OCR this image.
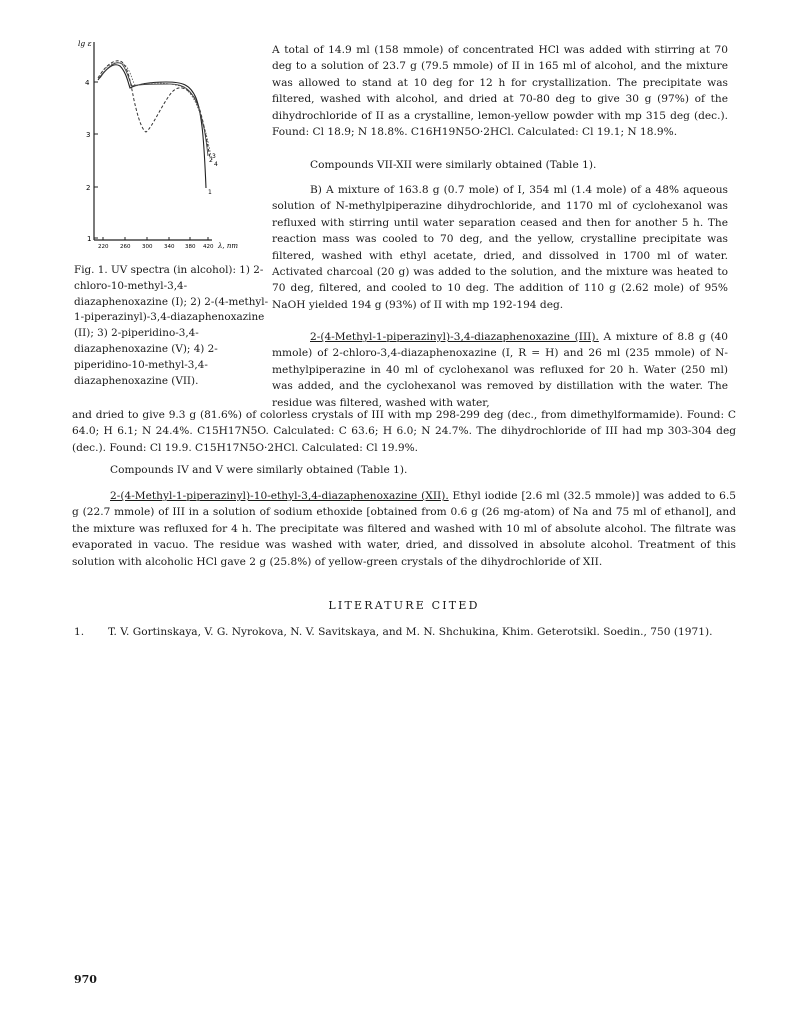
4
3
2
1
lg ε
220 260 300 340 380 420 λ, nm
1
2
3
4
Fig. 1. UV spectra (in alcohol): 1) 2-chloro-10-methyl-3,4-diazaphenoxazine (I); 2) 2-(4-methyl-1-piperazinyl)-3,4-diazaphenoxazine (II); 3) 2-piperidino-3,4-diazaphenoxazine (V); 4) 2-piperidino-10-methyl-3,4-diazaphenoxazine (VII).

A total of 14.9 ml (158 mmole) of concentrated HCl was added with stirring at 70 deg to a solution of 23.7 g (79.5 mmole) of II in 165 ml of alcohol, and the mixture was allowed to stand at 10 deg for 12 h for crystallization. The precipitate was filtered, washed with alcohol, and dried at 70-80 deg to give 30 g (97%) of the dihydrochloride of II as a crystalline, lemon-yellow powder with mp 315 deg (dec.). Found: Cl 18.9; N 18.8%. C16H19N5O·2HCl. Calculated: Cl 19.1; N 18.9%.

Compounds VII-XII were similarly obtained (Table 1).

B) A mixture of 163.8 g (0.7 mole) of I, 354 ml (1.4 mole) of a 48% aqueous solution of N-methylpiperazine dihydrochloride, and 1170 ml of cyclohexanol was refluxed with stirring until water separation ceased and then for another 5 h. The reaction mass was cooled to 70 deg, and the yellow, crystalline precipitate was filtered, washed with ethyl acetate, dried, and dissolved in 1700 ml of water. Activated charcoal (20 g) was added to the solution, and the mixture was heated to 70 deg, filtered, and cooled to 10 deg. The addition of 110 g (2.62 mole) of 95% NaOH yielded 194 g (93%) of II with mp 192-194 deg.

2-(4-Methyl-1-piperazinyl)-3,4-diazaphenoxazine (III). A mixture of 8.8 g (40 mmole) of 2-chloro-3,4-diazaphenoxazine (I, R = H) and 26 ml (235 mmole) of N-methylpiperazine in 40 ml of cyclohexanol was refluxed for 20 h. Water (250 ml) was added, and the cyclohexanol was removed by distillation with the water. The residue was filtered, washed with water,

and dried to give 9.3 g (81.6%) of colorless crystals of III with mp 298-299 deg (dec., from dimethylformamide). Found: C 64.0; H 6.1; N 24.4%. C15H17N5O. Calculated: C 63.6; H 6.0; N 24.7%. The dihydrochloride of III had mp 303-304 deg (dec.). Found: Cl 19.9. C15H17N5O·2HCl. Calculated: Cl 19.9%.

Compounds IV and V were similarly obtained (Table 1).

2-(4-Methyl-1-piperazinyl)-10-ethyl-3,4-diazaphenoxazine (XII). Ethyl iodide [2.6 ml (32.5 mmole)] was added to 6.5 g (22.7 mmole) of III in a solution of sodium ethoxide [obtained from 0.6 g (26 mg-atom) of Na and 75 ml of ethanol], and the mixture was refluxed for 4 h. The precipitate was filtered and washed with 10 ml of absolute alcohol. The filtrate was evaporated in vacuo. The residue was washed with water, dried, and dissolved in absolute alcohol. Treatment of this solution with alcoholic HCl gave 2 g (25.8%) of yellow-green crystals of the dihydrochloride of XII.

LITERATURE CITED
1. T. V. Gortinskaya, V. G. Nyrokova, N. V. Savitskaya, and M. N. Shchukina, Khim. Geterotsikl. Soedin., 750 (1971).
970
